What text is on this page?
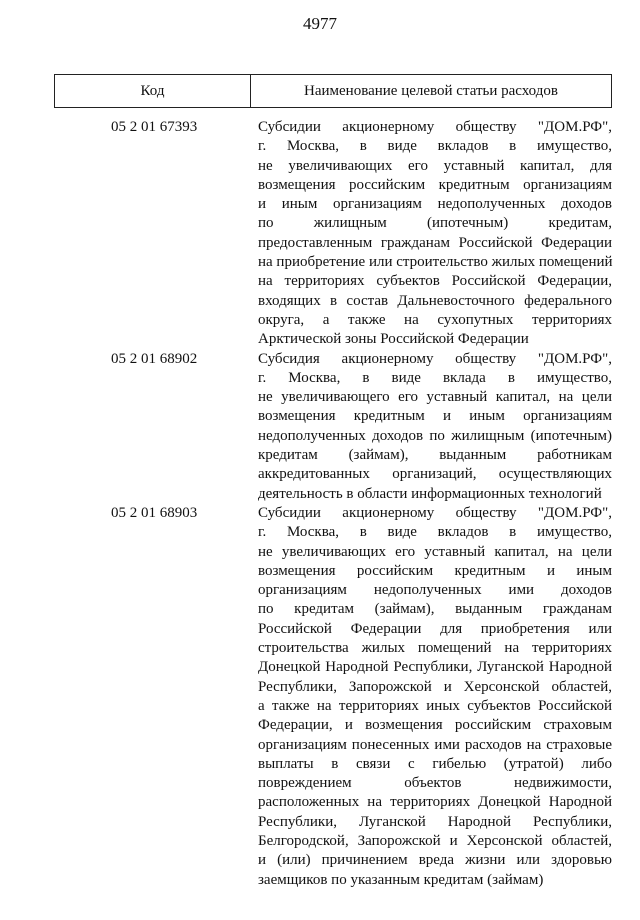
4977
Код	Наименование целевой статьи расходов
05 2 01 67393	Субсидии акционерному обществу "ДОМ.РФ",
г. Москва, в виде вкладов в имущество,
не увеличивающих его уставный капитал, для
возмещения российским кредитным организациям
и иным организациям недополученных доходов
по жилищным (ипотечным) кредитам,
предоставленным гражданам Российской Федерации
на приобретение или строительство жилых помещений
на территориях субъектов Российской Федерации,
входящих в состав Дальневосточного федерального
округа, а также на сухопутных территориях
Арктической зоны Российской Федерации
05 2 01 68902	Субсидия акционерному обществу "ДОМ.РФ",
г. Москва, в виде вклада в имущество,
не увеличивающего его уставный капитал, на цели
возмещения кредитным и иным организациям
недополученных доходов по жилищным (ипотечным)
кредитам (займам), выданным работникам
аккредитованных организаций, осуществляющих
деятельность в области информационных технологий
05 2 01 68903	Субсидии акционерному обществу "ДОМ.РФ",
г. Москва, в виде вкладов в имущество,
не увеличивающих его уставный капитал, на цели
возмещения российским кредитным и иным
организациям недополученных ими доходов
по кредитам (займам), выданным гражданам
Российской Федерации для приобретения или
строительства жилых помещений на территориях
Донецкой Народной Республики, Луганской Народной
Республики, Запорожской и Херсонской областей,
а также на территориях иных субъектов Российской
Федерации, и возмещения российским страховым
организациям понесенных ими расходов на страховые
выплаты в связи с гибелью (утратой) либо
повреждением объектов недвижимости,
расположенных на территориях Донецкой Народной
Республики, Луганской Народной Республики,
Белгородской, Запорожской и Херсонской областей,
и (или) причинением вреда жизни или здоровью
заемщиков по указанным кредитам (займам)
